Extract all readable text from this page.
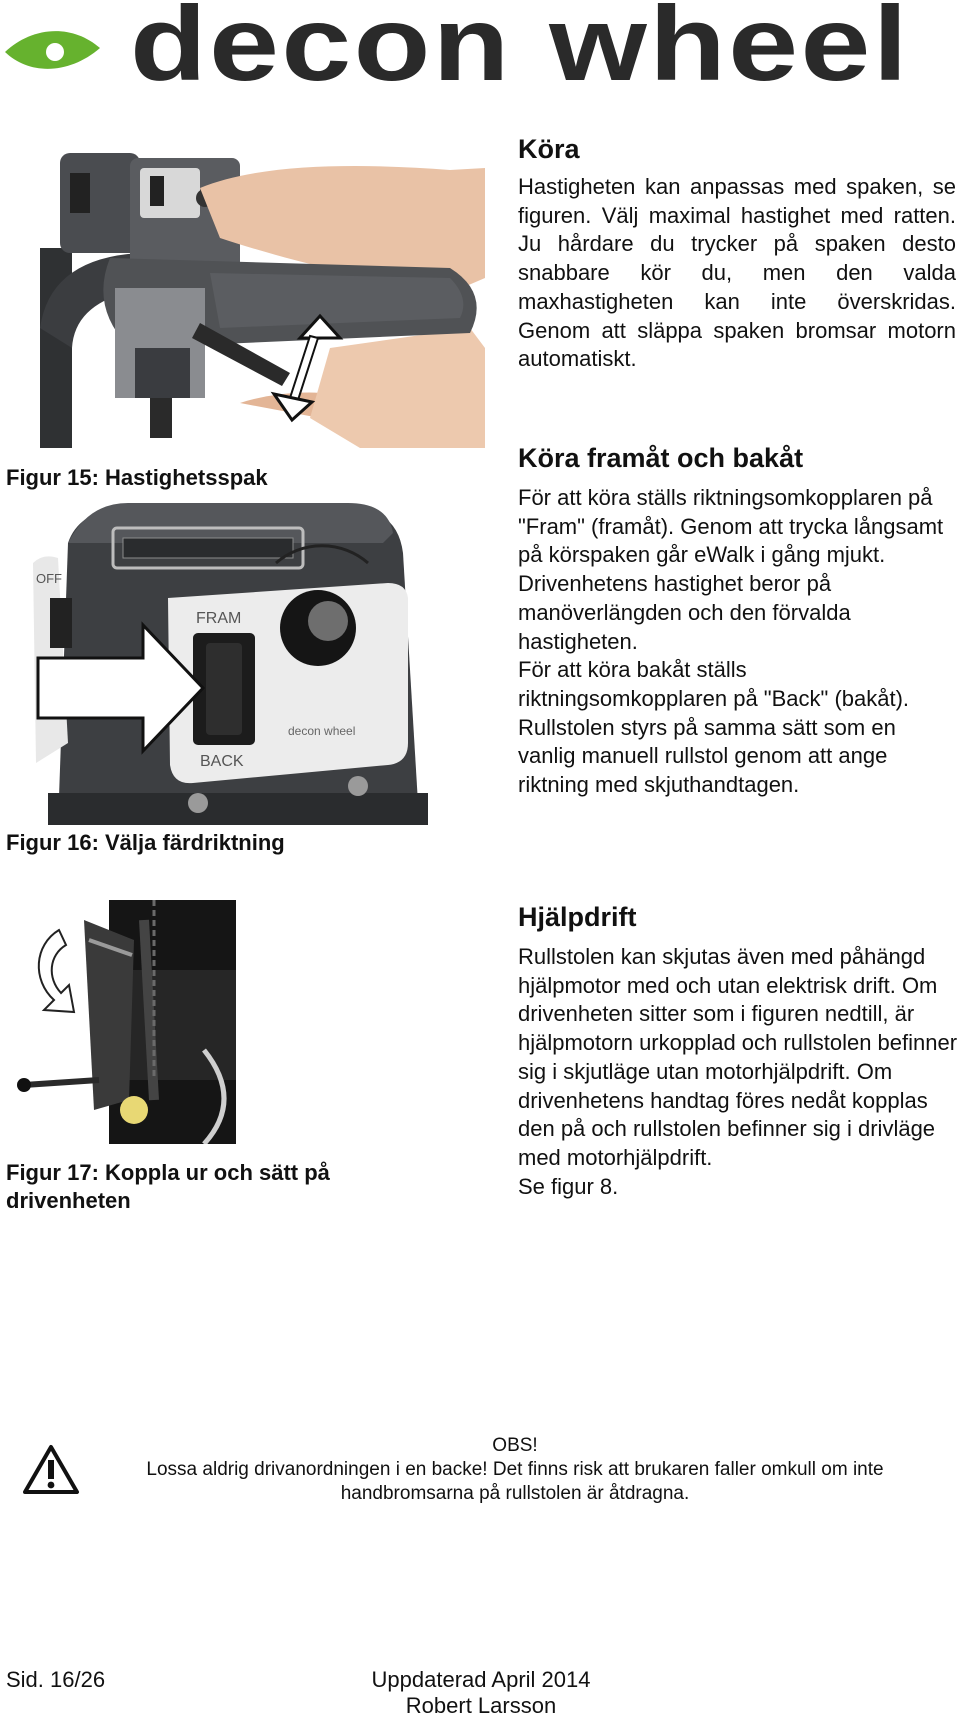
decon wheel
Figur 15: Hastighetsspak
OFF
FRAM
BACK
decon wheel
Figur 16: Välja färdriktning
Figur 17: Koppla ur och sätt på drivenheten
Köra

Hastigheten kan anpassas med spaken, se figuren. Välj maximal hastighet med ratten. Ju hårdare du trycker på spaken desto snabbare kör du, men den valda maxhastigheten kan inte överskridas. Genom att släppa spaken bromsar motorn automatiskt.

Köra framåt och bakåt

För att köra ställs riktningsomkopplaren på "Fram" (framåt). Genom att trycka långsamt på körspaken går eWalk i gång mjukt. Drivenhetens hastighet beror på manöverlängden och den förvalda hastigheten.

För att köra bakåt ställs riktningsomkopplaren på "Back" (bakåt).

Rullstolen styrs på samma sätt som en vanlig manuell rullstol genom att ange riktning med skjuthandtagen.

Hjälpdrift

Rullstolen kan skjutas även med påhängd hjälpmotor med och utan elektrisk drift. Om drivenheten sitter som i figuren nedtill, är hjälpmotorn urkopplad och rullstolen befinner sig i skjutläge utan motorhjälpdrift. Om drivenhetens handtag föres nedåt kopplas den på och rullstolen befinner sig i drivläge med motorhjälpdrift.

Se figur 8.

OBS!
Lossa aldrig drivanordningen i en backe! Det finns risk att brukaren faller omkull om inte handbromsarna på rullstolen är åtdragna.
Sid. 16/26	Uppdaterad April 2014
Robert Larsson
